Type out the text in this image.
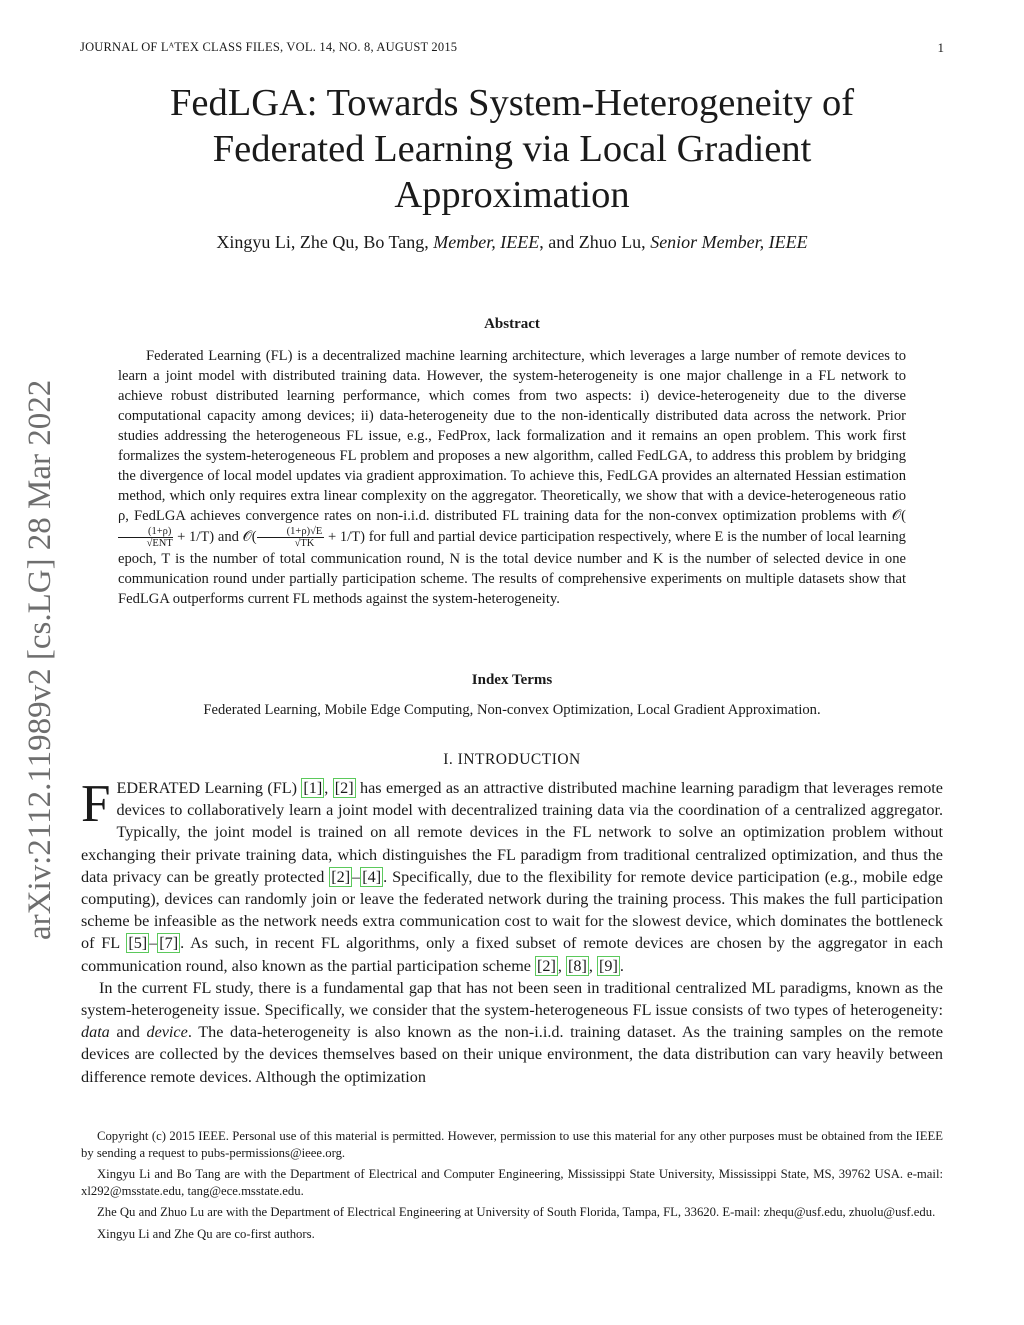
JOURNAL OF LᴬTEX CLASS FILES, VOL. 14, NO. 8, AUGUST 2015	1
FedLGA: Towards System-Heterogeneity of Federated Learning via Local Gradient Approximation
Xingyu Li, Zhe Qu, Bo Tang, Member, IEEE, and Zhuo Lu, Senior Member, IEEE
arXiv:2112.11989v2 [cs.LG] 28 Mar 2022
Abstract

Federated Learning (FL) is a decentralized machine learning architecture, which leverages a large number of remote devices to learn a joint model with distributed training data. However, the system-heterogeneity is one major challenge in a FL network to achieve robust distributed learning performance, which comes from two aspects: i) device-heterogeneity due to the diverse computational capacity among devices; ii) data-heterogeneity due to the non-identically distributed data across the network. Prior studies addressing the heterogeneous FL issue, e.g., FedProx, lack formalization and it remains an open problem. This work first formalizes the system-heterogeneous FL problem and proposes a new algorithm, called FedLGA, to address this problem by bridging the divergence of local model updates via gradient approximation. To achieve this, FedLGA provides an alternated Hessian estimation method, which only requires extra linear complexity on the aggregator. Theoretically, we show that with a device-heterogeneous ratio ρ, FedLGA achieves convergence rates on non-i.i.d. distributed FL training data for the non-convex optimization problems with 𝒪(
(1+ρ)
√ENT + 1/T) and 𝒪( $\frac{(1+\rho)√E}{√TK} + 1/T$) for full and partial device participation respectively, where E is the number of local learning epoch, T is the number of total communication round, N is the total device number and K is the number of selected device in one communication round under partially participation scheme. The results of comprehensive experiments on multiple datasets show that FedLGA outperforms current FL methods against the system-heterogeneity.

Index Terms
Federated Learning, Mobile Edge Computing, Non-convex Optimization, Local Gradient Approximation.
I. INTRODUCTION

FEDERATED Learning (FL) [1] , [2] has emerged as an attractive distributed machine learning paradigm that leverages remote devices to collaboratively learn a joint model with decentralized training data via the coordination of a centralized aggregator. Typically, the joint model is trained on all remote devices in the FL network to solve an optimization problem without exchanging their private training data, which distinguishes the FL paradigm from traditional centralized optimization, and thus the data privacy can be greatly protected [2] – [4] . Specifically, due to the flexibility for remote device participation (e.g., mobile edge computing), devices can randomly join or leave the federated network during the training process. This makes the full participation scheme be infeasible as the network needs extra communication cost to wait for the slowest device, which dominates the bottleneck of FL [5] – [7] . As such, in recent FL algorithms, only a fixed subset of remote devices are chosen by the aggregator in each communication round, also known as the partial participation scheme [2] , [8] , [9] .

In the current FL study, there is a fundamental gap that has not been seen in traditional centralized ML paradigms, known as the system-heterogeneity issue. Specifically, we consider that the system-heterogeneous FL issue consists of two types of heterogeneity: data and device. The data-heterogeneity is also known as the non-i.i.d. training dataset. As the training samples on the remote devices are collected by the devices themselves based on their unique environment, the data distribution can vary heavily between difference remote devices. Although the optimization

Copyright (c) 2015 IEEE. Personal use of this material is permitted. However, permission to use this material for any other purposes must be obtained from the IEEE by sending a request to pubs-permissions@ieee.org.

Xingyu Li and Bo Tang are with the Department of Electrical and Computer Engineering, Mississippi State University, Mississippi State, MS, 39762 USA. e-mail: xl292@msstate.edu, tang@ece.msstate.edu.

Zhe Qu and Zhuo Lu are with the Department of Electrical Engineering at University of South Florida, Tampa, FL, 33620. E-mail: zhequ@usf.edu, zhuolu@usf.edu.

Xingyu Li and Zhe Qu are co-first authors.
